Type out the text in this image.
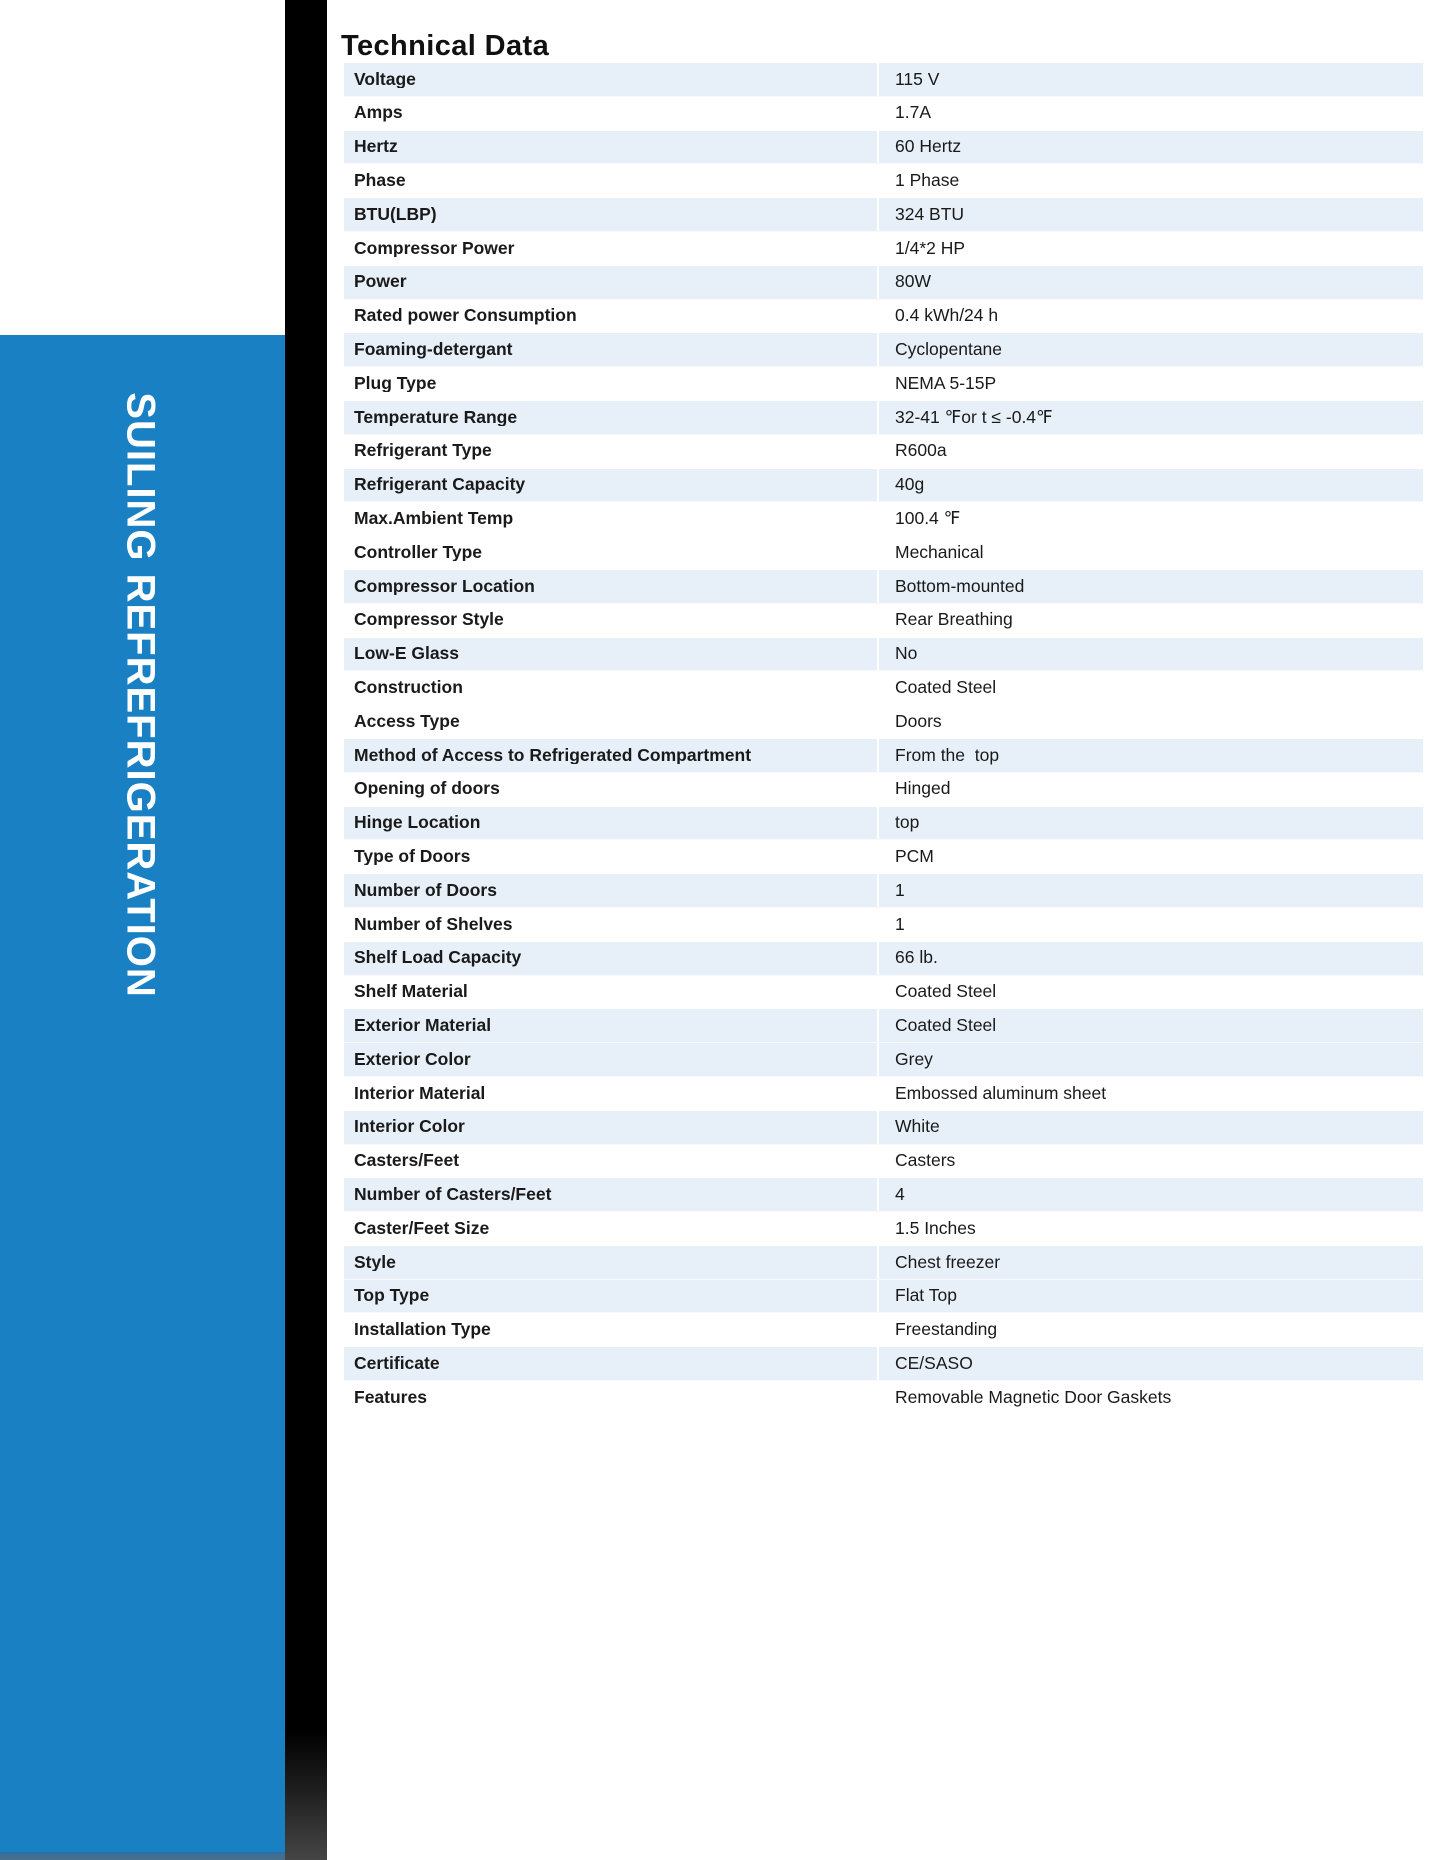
SUILING REFREFRIGERATION
Technical Data
Voltage	115 V
Amps	1.7A
Hertz	60 Hertz
Phase	1 Phase
BTU(LBP)	324 BTU
Compressor Power	1/4*2 HP
Power	80W
Rated power Consumption	0.4 kWh/24 h
Foaming-detergant	Cyclopentane
Plug Type	NEMA 5-15P
Temperature Range	32-41 ℉or t ≤ -0.4℉
Refrigerant Type	R600a
Refrigerant Capacity	40g
Max.Ambient Temp	100.4 ℉
Controller Type	Mechanical
Compressor Location	Bottom-mounted
Compressor Style	Rear Breathing
Low-E Glass	No
Construction	Coated Steel
Access Type	Doors
Method of Access to Refrigerated Compartment	From the  top
Opening of doors	Hinged
Hinge Location	top
Type of Doors	PCM
Number of Doors	1
Number of Shelves	1
Shelf Load Capacity	66 lb.
Shelf Material	Coated Steel
Exterior Material	Coated Steel
Exterior Color	Grey
Interior Material	Embossed aluminum sheet
Interior Color	White
Casters/Feet	Casters
Number of Casters/Feet	4
Caster/Feet Size	1.5 Inches
Style	Chest freezer
Top Type	Flat Top
Installation Type	Freestanding
Certificate	CE/SASO
Features	Removable Magnetic Door Gaskets
